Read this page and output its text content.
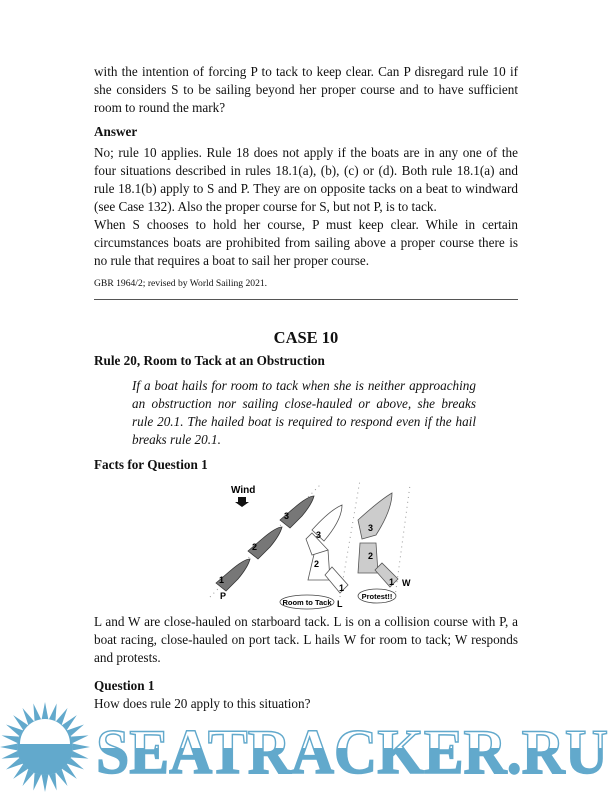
with the intention of forcing P to tack to keep clear. Can P disregard rule 10 if she considers S to be sailing beyond her proper course and to have sufficient room to round the mark?
Answer
No; rule 10 applies. Rule 18 does not apply if the boats are in any one of the four situations described in rules 18.1(a), (b), (c) or (d). Both rule 18.1(a) and rule 18.1(b) apply to S and P. They are on opposite tacks on a beat to windward (see Case 132). Also the proper course for S, but not P, is to tack.
When S chooses to hold her course, P must keep clear. While in certain circumstances boats are prohibited from sailing above a proper course there is no rule that requires a boat to sail her proper course.
GBR 1964/2; revised by World Sailing 2021.
CASE 10
Rule 20, Room to Tack at an Obstruction
If a boat hails for room to tack when she is neither approaching an obstruction nor sailing close-hauled or above, she breaks rule 20.1. The hailed boat is required to respond even if the hail breaks rule 20.1.
Facts for Question 1
Wind
1
2
3
P
3
2
1
L
3
2
1 W
Room to Tack
Protest!!
L and W are close-hauled on starboard tack. L is on a collision course with P, a boat racing, close-hauled on port tack. L hails W for room to tack; W responds and protests.
Question 1
How does rule 20 apply to this situation?
SEATRACKER.RU
